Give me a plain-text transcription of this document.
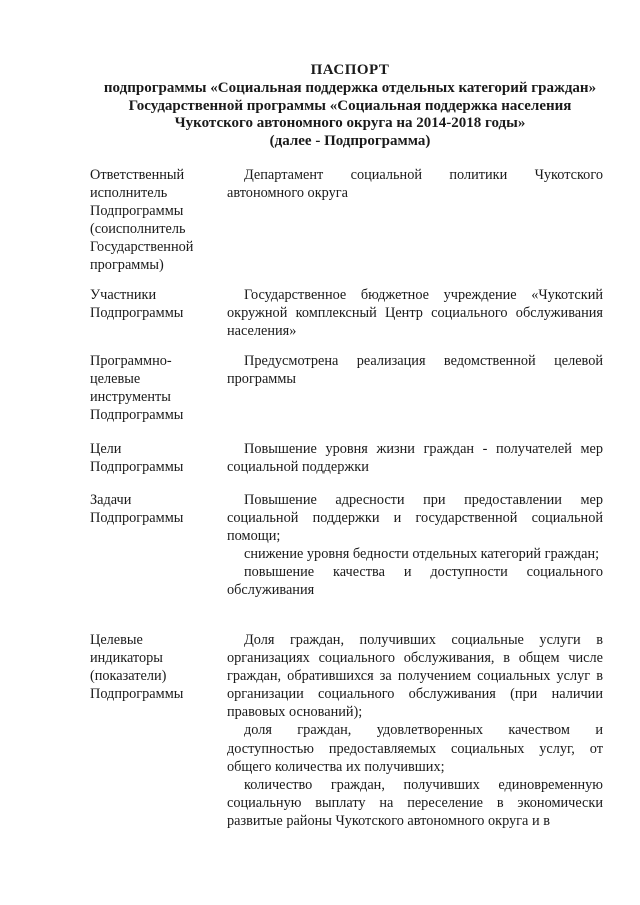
ПАСПОРТ
подпрограммы «Социальная поддержка отдельных категорий граждан»
Государственной программы «Социальная поддержка населения
Чукотского автономного округа на 2014-2018 годы»
(далее - Подпрограмма)
Ответственный
исполнитель
Подпрограммы
(соисполнитель
Государственной
программы)
Департамент социальной политики Чукотского автономного округа
Участники
Подпрограммы
Государственное бюджетное учреждение «Чукотский окружной комплексный Центр социального обслуживания населения»
Программно-
целевые
инструменты
Подпрограммы
Предусмотрена реализация ведомственной целевой программы
Цели
Подпрограммы
Повышение уровня жизни граждан - получателей мер социальной поддержки
Задачи
Подпрограммы
Повышение адресности при предоставлении мер социальной поддержки и государственной социальной помощи;
снижение уровня бедности отдельных категорий граждан;
повышение качества и доступности социального обслуживания
Целевые
индикаторы
(показатели)
Подпрограммы
Доля граждан, получивших социальные услуги в организациях социального обслуживания, в общем числе граждан, обратившихся за получением социальных услуг в организации социального обслуживания (при наличии правовых оснований);
доля граждан, удовлетворенных качеством и доступностью предоставляемых социальных услуг, от общего количества их получивших;
количество граждан, получивших единовременную социальную выплату на переселение в экономически развитые районы Чукотского автономного округа и в
